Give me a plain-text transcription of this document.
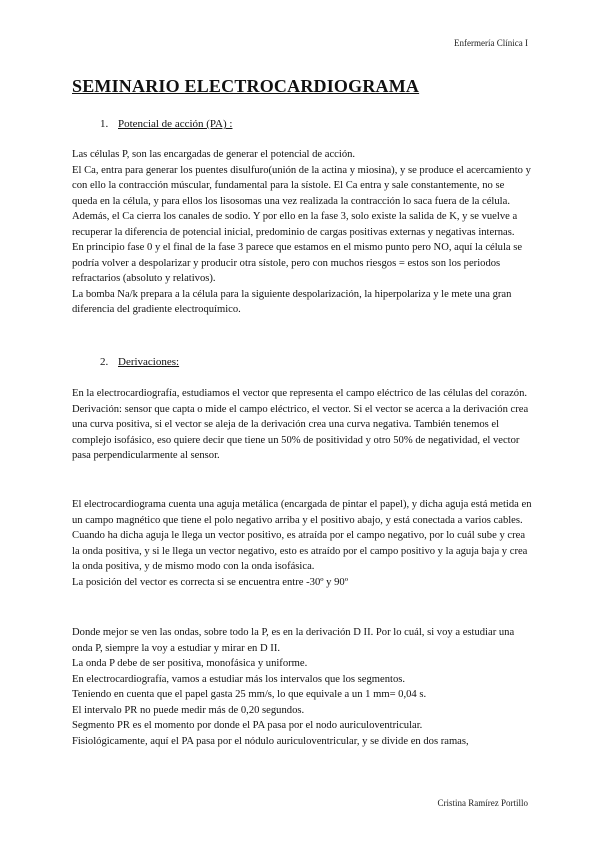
Enfermería Clínica I
SEMINARIO ELECTROCARDIOGRAMA
1. Potencial de acción (PA) :

Las células P, son las encargadas de generar el potencial de acción.

El Ca, entra para generar los puentes disulfuro(unión de la actina y miosina), y se produce el acercamiento y con ello la contracción múscular, fundamental para la sístole. El Ca entra y sale constantemente, no se queda en la célula, y para ellos los lisosomas una vez realizada la contracción lo saca fuera de la célula. Además, el Ca cierra los canales de sodio. Y por ello en la fase 3, solo existe la salida de K, y se vuelve a recuperar la diferencia de potencial inicial, predominio de cargas positivas externas y negativas internas.

En principio fase 0 y el final de la fase 3 parece que estamos en el mismo punto pero NO, aquí la célula se podría volver a despolarizar y producir otra sístole, pero con muchos riesgos = estos son los periodos refractarios (absoluto y relativos).

La bomba Na/k prepara a la célula para la siguiente despolarización, la hiperpolariza y le mete una gran diferencia del gradiente electroquímico.

2. Derivaciones:

En la electrocardiografía, estudiamos el vector que representa el campo eléctrico de las células del corazón.

Derivación: sensor que capta o mide el campo eléctrico, el vector. Si el vector se acerca a la derivación crea una curva positiva, si el vector se aleja de la derivación crea una curva negativa. También tenemos el complejo isofásico, eso quiere decir que tiene un 50% de positividad y otro 50% de negatividad, el vector pasa perpendicularmente al sensor.

El electrocardiograma cuenta una aguja metálica (encargada de pintar el papel), y dicha aguja está metida en un campo magnético que tiene el polo negativo arriba y el positivo abajo, y está conectada a varios cables. Cuando ha dicha aguja le llega un vector positivo, es atraída por el campo negativo, por lo cuál sube y crea la onda positiva, y si le llega un vector negativo, esto es atraído por el campo positivo y la aguja baja y crea la onda positiva, y de mismo modo con la onda isofásica.

La posición del vector es correcta si se encuentra entre -30º y 90º

Donde mejor se ven las ondas, sobre todo la P, es en la derivación D II. Por lo cuál, si voy a estudiar una onda P, siempre la voy a estudiar y mirar en D II.

La onda P debe de ser positiva, monofásica y uniforme.

En electrocardiografía, vamos a estudiar más los intervalos que los segmentos.

Teniendo en cuenta que el papel gasta 25 mm/s, lo que equivale a un 1 mm= 0,04 s.

El intervalo PR no puede medir más de 0,20 segundos.

Segmento PR es el momento por donde el PA pasa por el nodo auriculoventricular.

Fisiológicamente, aquí el PA pasa por el nódulo auriculoventricular, y se divide en dos ramas,

Cristina Ramírez Portillo
